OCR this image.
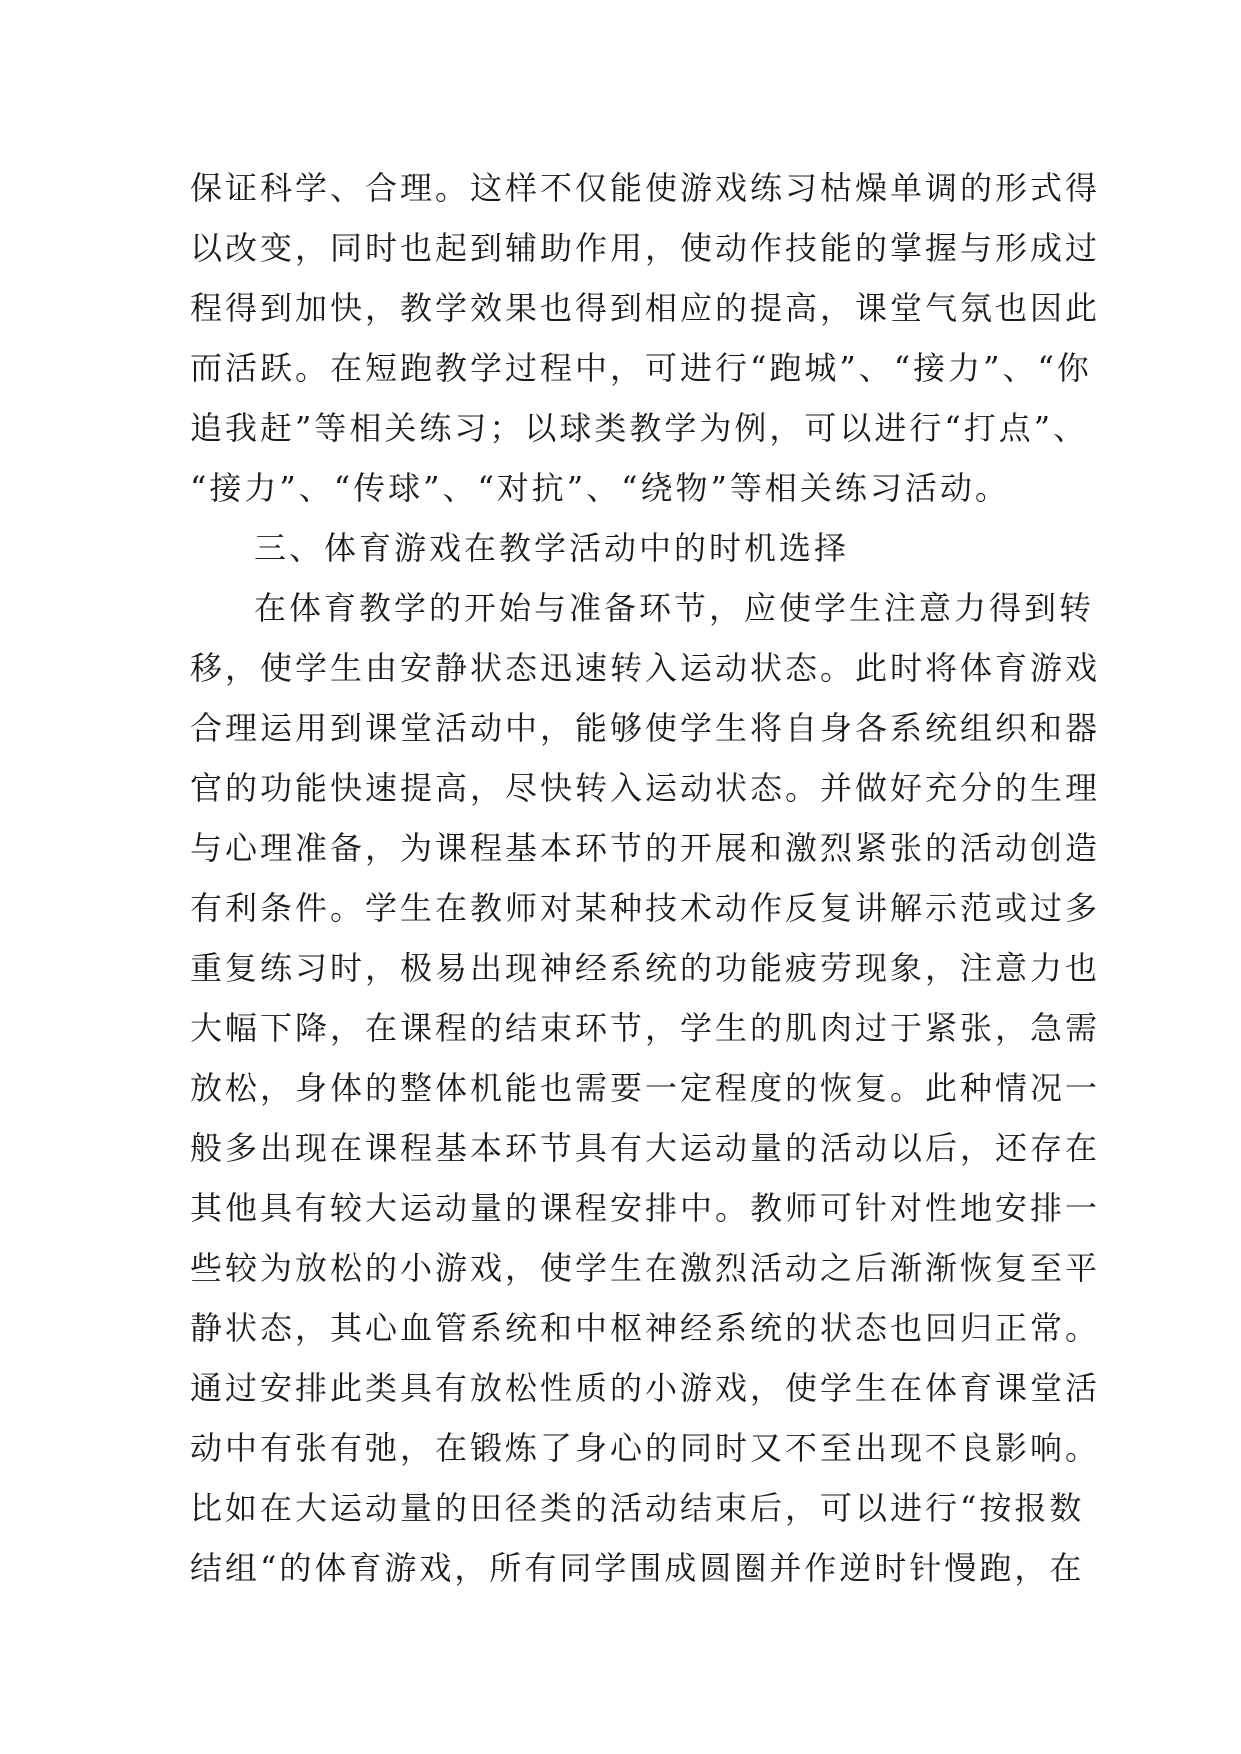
保证科学、合理。这样不仅能使游戏练习枯燥单调的形式得
以改变，同时也起到辅助作用，使动作技能的掌握与形成过
程得到加快，教学效果也得到相应的提高，课堂气氛也因此
而活跃。在短跑教学过程中，可进行“跑城”、“接力”、“你
追我赶”等相关练习；以球类教学为例，可以进行“打点”、
“接力”、“传球”、“对抗”、“绕物”等相关练习活动。
三、体育游戏在教学活动中的时机选择
在体育教学的开始与准备环节，应使学生注意力得到转
移，使学生由安静状态迅速转入运动状态。此时将体育游戏
合理运用到课堂活动中，能够使学生将自身各系统组织和器
官的功能快速提高，尽快转入运动状态。并做好充分的生理
与心理准备，为课程基本环节的开展和激烈紧张的活动创造
有利条件。学生在教师对某种技术动作反复讲解示范或过多
重复练习时，极易出现神经系统的功能疲劳现象，注意力也
大幅下降，在课程的结束环节，学生的肌肉过于紧张，急需
放松，身体的整体机能也需要一定程度的恢复。此种情况一
般多出现在课程基本环节具有大运动量的活动以后，还存在
其他具有较大运动量的课程安排中。教师可针对性地安排一
些较为放松的小游戏，使学生在激烈活动之后渐渐恢复至平
静状态，其心血管系统和中枢神经系统的状态也回归正常。
通过安排此类具有放松性质的小游戏，使学生在体育课堂活
动中有张有弛，在锻炼了身心的同时又不至出现不良影响。
比如在大运动量的田径类的活动结束后，可以进行“按报数
结组“的体育游戏，所有同学围成圆圈并作逆时针慢跑，在
